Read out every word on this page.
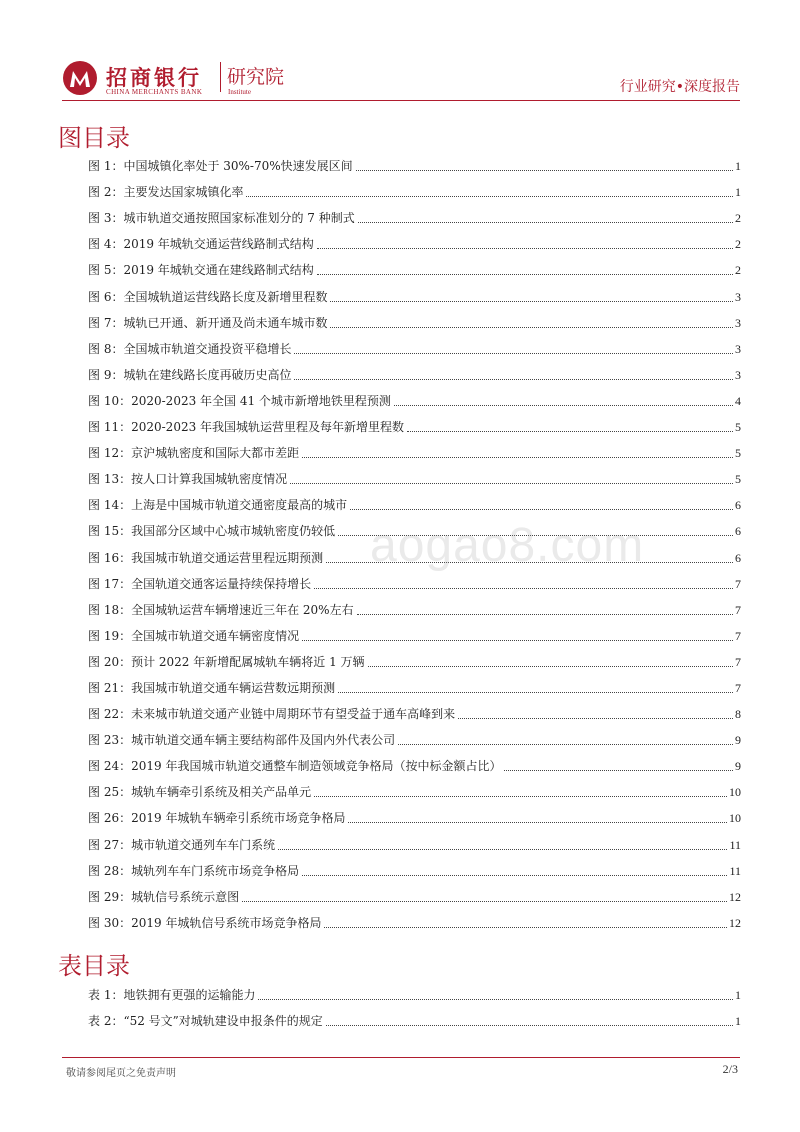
招商银行
CHINA MERCHANTS BANK
研究院
Institute	行业研究•深度报告
图目录
图 1：中国城镇化率处于 30%-70%快速发展区间	1
图 2：主要发达国家城镇化率	1
图 3：城市轨道交通按照国家标准划分的 7 种制式	2
图 4：2019 年城轨交通运营线路制式结构	2
图 5：2019 年城轨交通在建线路制式结构	2
图 6：全国城轨道运营线路长度及新增里程数	3
图 7：城轨已开通、新开通及尚未通车城市数	3
图 8：全国城市轨道交通投资平稳增长	3
图 9：城轨在建线路长度再破历史高位	3
图 10：2020-2023 年全国 41 个城市新增地铁里程预测	4
图 11：2020-2023 年我国城轨运营里程及每年新增里程数	5
图 12：京沪城轨密度和国际大都市差距	5
图 13：按人口计算我国城轨密度情况	5
图 14：上海是中国城市轨道交通密度最高的城市	6
图 15：我国部分区域中心城市城轨密度仍较低	6
图 16：我国城市轨道交通运营里程远期预测	6
图 17：全国轨道交通客运量持续保持增长	7
图 18：全国城轨运营车辆增速近三年在 20%左右	7
图 19：全国城市轨道交通车辆密度情况	7
图 20：预计 2022 年新增配属城轨车辆将近 1 万辆	7
图 21：我国城市轨道交通车辆运营数远期预测	7
图 22：未来城市轨道交通产业链中周期环节有望受益于通车高峰到来	8
图 23：城市轨道交通车辆主要结构部件及国内外代表公司	9
图 24：2019 年我国城市轨道交通整车制造领域竞争格局（按中标金额占比）	9
图 25：城轨车辆牵引系统及相关产品单元	10
图 26：2019 年城轨车辆牵引系统市场竞争格局	10
图 27：城市轨道交通列车车门系统	11
图 28：城轨列车车门系统市场竞争格局	11
图 29：城轨信号系统示意图	12
图 30：2019 年城轨信号系统市场竞争格局	12
表目录
表 1：地铁拥有更强的运输能力	1
表 2：“52 号文”对城轨建设申报条件的规定	1
aogao8.com
敬请参阅尾页之免责声明	2/3
